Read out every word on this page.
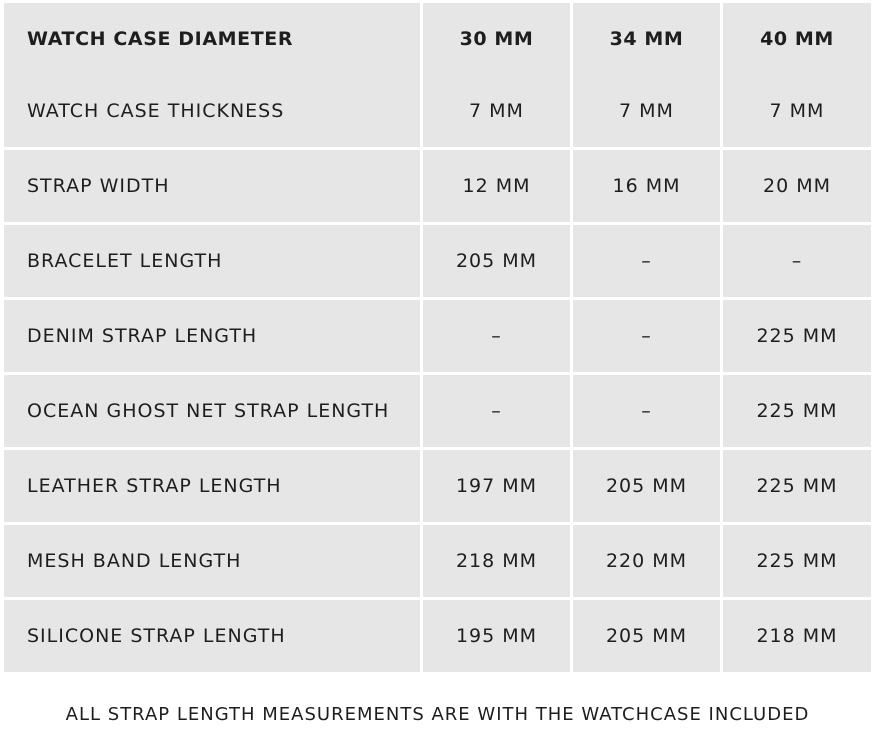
WATCH CASE DIAMETER	30 MM	34 MM	40 MM
WATCH CASE THICKNESS	7 MM	7 MM	7 MM
STRAP WIDTH	12 MM	16 MM	20 MM
BRACELET LENGTH	205 MM	–	–
DENIM STRAP LENGTH	–	–	225 MM
OCEAN GHOST NET STRAP LENGTH	–	–	225 MM
LEATHER STRAP LENGTH	197 MM	205 MM	225 MM
MESH BAND LENGTH	218 MM	220 MM	225 MM
SILICONE STRAP LENGTH	195 MM	205 MM	218 MM
ALL STRAP LENGTH MEASUREMENTS ARE WITH THE WATCHCASE INCLUDED
